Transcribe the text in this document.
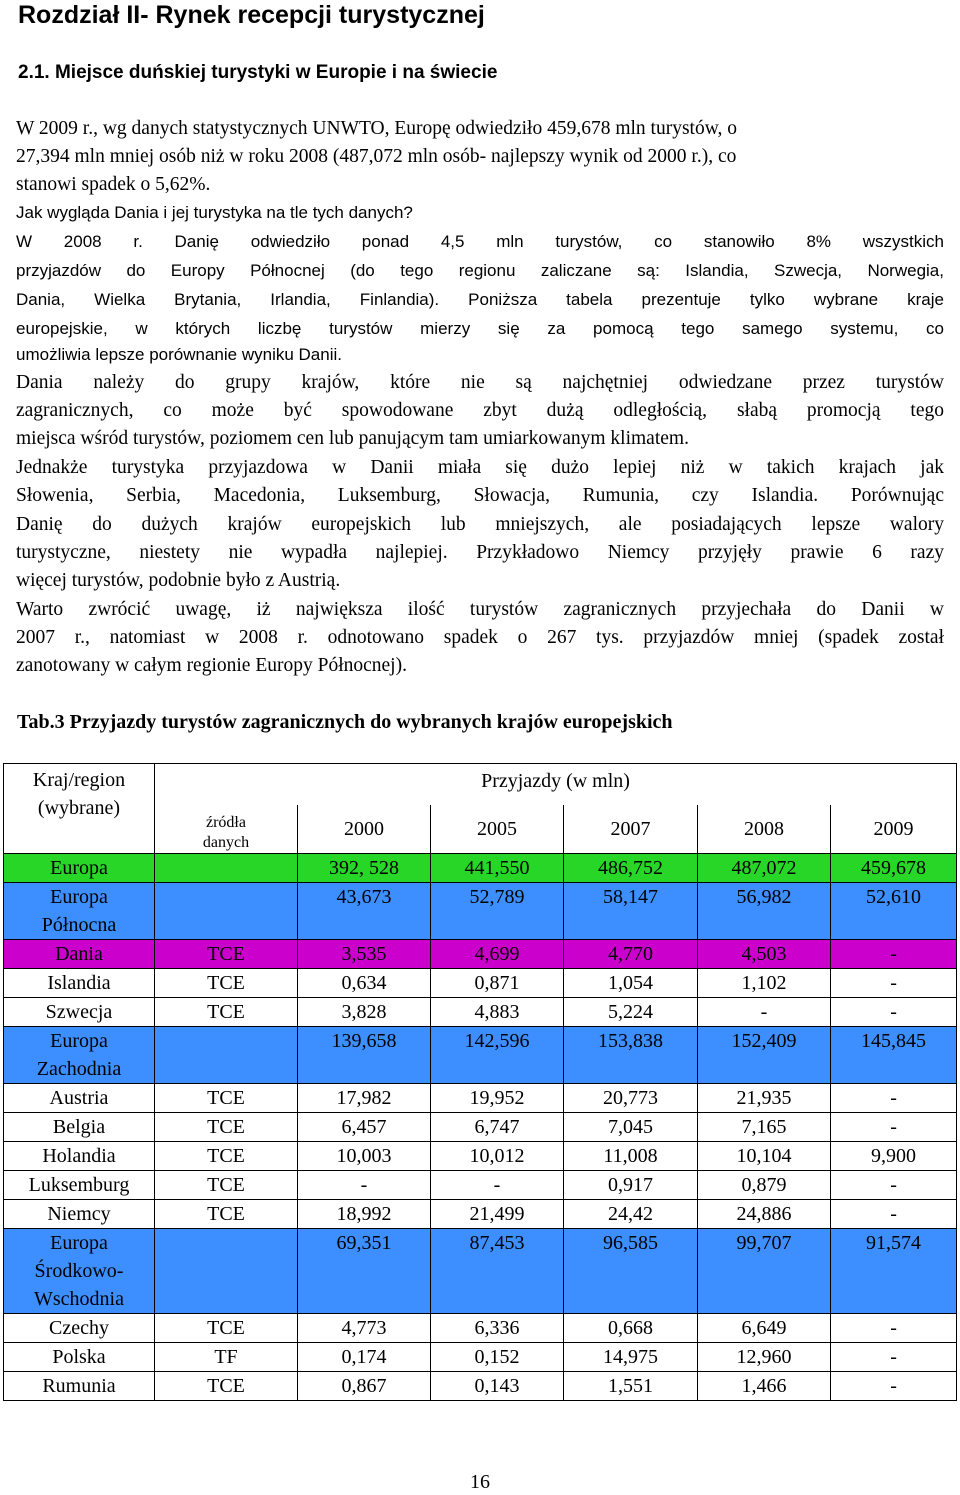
Rozdział II- Rynek recepcji turystycznej
2.1. Miejsce duńskiej turystyki w Europie i na świecie
W 2009 r., wg danych statystycznych UNWTO, Europę odwiedziło 459,678 mln turystów, o
27,394 mln mniej osób niż w roku 2008 (487,072 mln osób- najlepszy wynik od 2000 r.), co
stanowi spadek o 5,62%.
Jak wygląda Dania i jej turystyka na tle tych danych?
W 2008 r. Danię odwiedziło ponad 4,5 mln turystów, co stanowiło 8% wszystkich
przyjazdów do Europy Północnej (do tego regionu zaliczane są: Islandia, Szwecja, Norwegia,
Dania, Wielka Brytania, Irlandia, Finlandia). Poniższa tabela prezentuje tylko wybrane kraje
europejskie, w których liczbę turystów mierzy się za pomocą tego samego systemu, co
umożliwia lepsze porównanie wyniku Danii.
Dania należy do grupy krajów, które nie są najchętniej odwiedzane przez turystów
zagranicznych, co może być spowodowane zbyt dużą odległością, słabą promocją tego
miejsca wśród turystów, poziomem cen lub panującym tam umiarkowanym klimatem.
Jednakże turystyka przyjazdowa w Danii miała się dużo lepiej niż w takich krajach jak
Słowenia, Serbia, Macedonia, Luksemburg, Słowacja, Rumunia, czy Islandia. Porównując
Danię do dużych krajów europejskich lub mniejszych, ale posiadających lepsze walory
turystyczne, niestety nie wypadła najlepiej. Przykładowo Niemcy przyjęły prawie 6 razy
więcej turystów, podobnie było z Austrią.
Warto zwrócić uwagę, iż największa ilość turystów zagranicznych przyjechała do Danii w
2007 r., natomiast w 2008 r. odnotowano spadek o 267 tys. przyjazdów mniej (spadek został
zanotowany w całym regionie Europy Północnej).
Tab.3 Przyjazdy turystów zagranicznych do wybranych krajów europejskich
Kraj/region
(wybrane)	Przyjazdy (w mln)					

	źródła
danych	2000	2005	2007	2008	2009
Europa		392, 528	441,550	486,752	487,072	459,678
Europa
Północna		43,673	52,789	58,147	56,982	52,610
Dania	TCE	3,535	4,699	4,770	4,503	-
Islandia	TCE	0,634	0,871	1,054	1,102	-
Szwecja	TCE	3,828	4,883	5,224	-	-
Europa
Zachodnia		139,658	142,596	153,838	152,409	145,845
Austria	TCE	17,982	19,952	20,773	21,935	-
Belgia	TCE	6,457	6,747	7,045	7,165	-
Holandia	TCE	10,003	10,012	11,008	10,104	9,900
Luksemburg	TCE	-	-	0,917	0,879	-
Niemcy	TCE	18,992	21,499	24,42	24,886	-
Europa
Środkowo-
Wschodnia		69,351	87,453	96,585	99,707	91,574
Czechy	TCE	4,773	6,336	0,668	6,649	-
Polska	TF	0,174	0,152	14,975	12,960	-
Rumunia	TCE	0,867	0,143	1,551	1,466	-
16
